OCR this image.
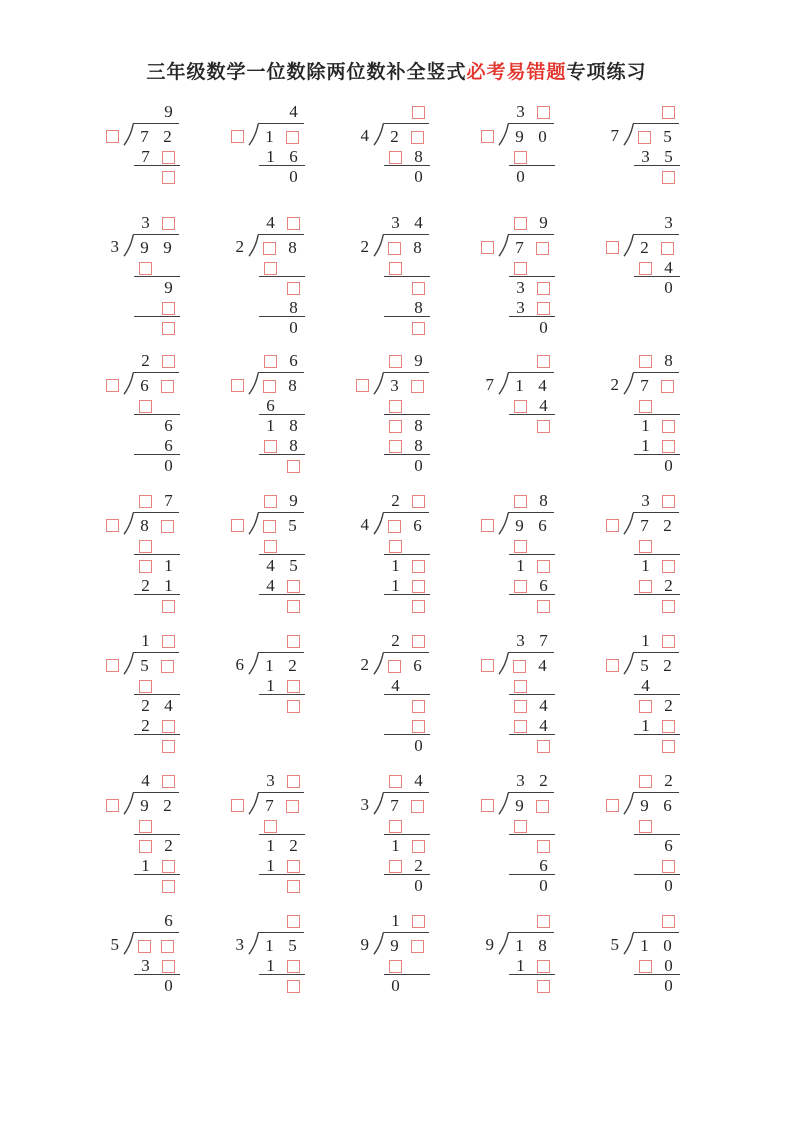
三年级数学一位数除两位数补全竖式必考易错题专项练习
9
7 2
7
4
1
1 6
0
4	2
8
0
3
9 0
0
7	5
3 5
3
3	9 9
9
4
2	8
8
0
3 4
2	8
8
9
7
3
3
0
3
2
4
0
2
6
6
6
0
6
8
6
1 8
8
9
3
8
8
0
7	1 4
4
8
2	7
1
1
0
7
8
1
2 1
9
5
4 5
4
2
4	6
1
1
8
9 6
1
6
3
7 2
1
2
1
5
2 4
2
6	1 2
1
2
2	6
4
0
3 7
4
4
4
1
5 2
4
2
1
4
9 2
2
1
3
7
1 2
1
4
3	7
1
2
0
3 2
9
6
0
2
9 6
6
0
6
5
3
0
3	1 5
1
1
9	9
0
9	1 8
1
5	1 0
0
0
